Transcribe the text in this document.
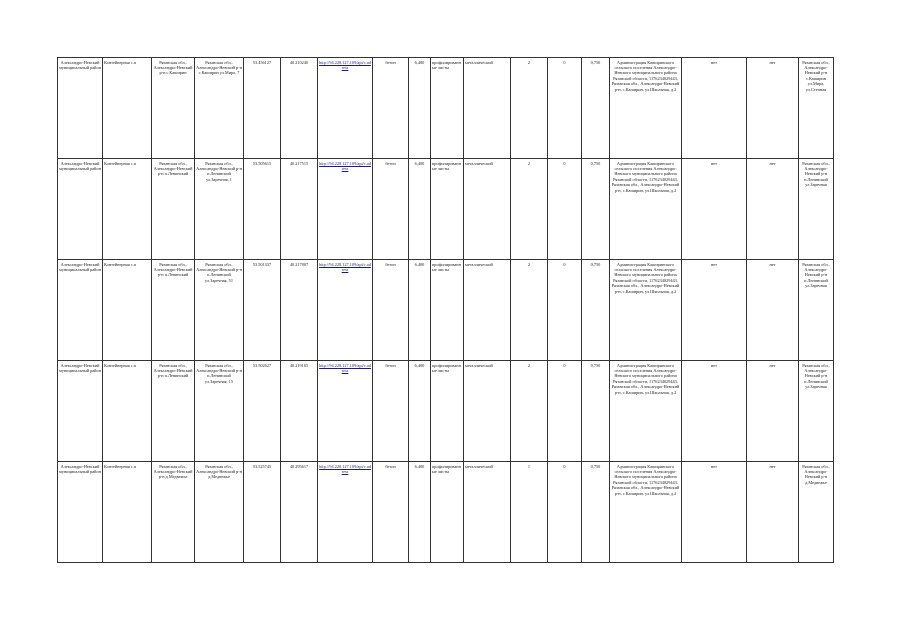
Александро-Невский муниципальный район	Контейнерная с.п	Рязанская обл., Александро-Невский р-н с.Каширин	Рязанская обл., Александро-Невский р-н с.Каширин ул.Мира, 7	53.456127	40.210240	http://94.228.127.109/api/c.adress	бетон	6,400	профилированные листы	металлический	2	0	0,750	Администрация Каширинского сельского поселения Александро-Невского муниципального района Рязанской области, 1176234029443, Рязанская обл., Александро-Невский р-н, с.Каширин, ул.Школьная, д.2	нет	нет	Рязанская обл., Александро-Невский р-н с.Каширин ул.Мира, ул.Степная
Александро-Невский муниципальный район	Контейнерная с.п	Рязанская обл., Александро-Невский р-н п.Ленинский	Рязанская обл., Александро-Невский р-н п.Ленинский ул.Заречная, 1	53.505615	40.217515	http://94.228.127.109/api/c.adress	бетон	6,400	профилированные листы	металлический	2	0	0,750	Администрация Каширинского сельского поселения Александро-Невского муниципального района Рязанской области, 1176234029443, Рязанская обл., Александро-Невский р-н, с.Каширин, ул.Школьная, д.2	нет	нет	Рязанская обл., Александро-Невский р-н п.Ленинский ул.Заречная
Александро-Невский муниципальный район	Контейнерная с.п	Рязанская обл., Александро-Невский р-н п.Ленинский	Рязанская обл., Александро-Невский р-н п.Ленинский ул.Заречная, 51	53.501337	40.217807	http://94.228.127.109/api/c.adress	бетон	6,400	профилированные листы	металлический	2	0	0,750	Администрация Каширинского сельского поселения Александро-Невского муниципального района Рязанской области, 1176234029443, Рязанская обл., Александро-Невский р-н, с.Каширин, ул.Школьная, д.2	нет	нет	Рязанская обл., Александро-Невский р-н п.Ленинский ул.Заречная
Александро-Невский муниципальный район	Контейнерная с.п	Рязанская обл., Александро-Невский р-н п.Ленинский	Рязанская обл., Александро-Невский р-н п.Ленинский ул.Заречная, 15	53.502627	40.219165	http://94.228.127.109/api/c.adress	бетон	6,400	профилированные листы	металлический	2	0	0,750	Администрация Каширинского сельского поселения Александро-Невского муниципального района Рязанской области, 1176234029443, Рязанская обл., Александро-Невский р-н, с.Каширин, ул.Школьная, д.2	нет	нет	Рязанская обл., Александро-Невский р-н п.Ленинский ул.Заречная
Александро-Невский муниципальный район	Контейнерная с.п	Рязанская обл., Александро-Невский р-н д.Медвежье	Рязанская обл., Александро-Невский р-н д.Медвежье	53.525745	40.295617	http://94.228.127.109/api/c.adress	бетон	6,400	профилированные листы	металлический	1	0	0,750	Администрация Каширинского сельского поселения Александро-Невского муниципального района Рязанской области, 1176234029443, Рязанская обл., Александро-Невский р-н, с.Каширин, ул.Школьная, д.2	нет	нет	Рязанская обл., Александро-Невский р-н д.Медвежье
